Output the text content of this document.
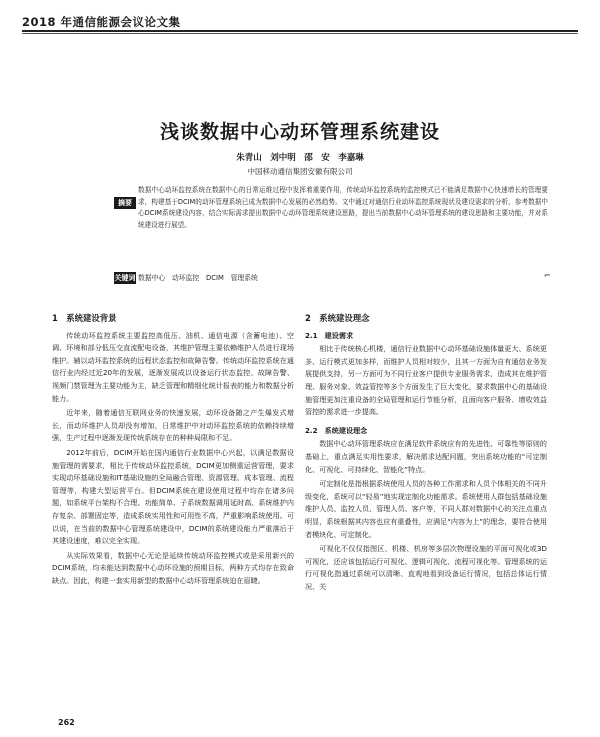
2018 年通信能源会议论文集
浅谈数据中心动环管理系统建设
朱青山　刘中明　邵　安　李嘉琳
中国移动通信集团安徽有限公司
摘要
数据中心动环监控系统在数据中心的日常运维过程中发挥着重要作用，传统动环监控系统的监控模式已不能满足数据中心快速增长的管理要求，构建基于DCIM的动环管理系统已成为数据中心发展的必然趋势。文中通过对通信行业动环监控系统现状及建设需求的分析，参考数据中心DCIM系统建设内容，结合实际需求提出数据中心动环管理系统建设思路，提出当前数据中心动环管理系统的建设思路和主要功能，并对系统建设进行展望。
关键词 数据中心　动环监控　DCIM　管理系统	⌐
1　系统建设背景

传统动环监控系统主要监控高低压、油机、通信电源（含蓄电池）、空调、环境和部分低压交直流配电设备，其维护管理主要依赖维护人员进行现场维护。辅以动环监控系统的远程状态监控和故障告警。传统动环监控系统在通信行业内经过近20年的发展，逐渐发展成以设备运行状态监控、故障告警、视频门禁管理为主要功能为主，缺乏管理和精细化统计报表的能力和数据分析能力。

近年来，随着通信互联网业务的快速发展，动环设备随之产生爆发式增长，而动环维护人员却没有增加，日常维护中对动环监控系统的依赖持续增强，生产过程中逐渐发现传统系统存在的种种局限和不足。

2012年前后，DCIM开始在国内通信行业数据中心兴起，以满足数据设施管理的需要求，相比于传统动环监控系统，DCIM更加侧重运营管理，要求实现动环基础设施和IT基础设施的全局融合管理、资源管理、成本管理、流程管理等，构建大型运营平台。但DCIM系统在建设使用过程中均存在诸多问题，如系统平台架构不合理、功能简单、子系统数据调用延时高、系统维护内存复杂、部署固定等，造成系统实用性和可用性不高，严重影响系统使用。可以说，在当前的数据中心管理系统建设中，DCIM的系统建设能力严重落后于其建设速度，难以完全实现。

从实际效果看，数据中心无论是延续传统动环监控模式或是采用新兴的DCIM系统，均未能达到数据中心动环设施的预期目标，两种方式均存在致命缺点。因此，构建一套实用新型的数据中心动环管理系统迫在眉睫。

2　系统建设理念
2.1　建设需求

相比于传统核心机楼，通信行业数据中心动环基础设施体量更大、系统更多、运行模式更加多样，而维护人员相对较少，且其一方面为自有通信业务发展提供支持，另一方面可为不同行业客户提供专业服务需求，造成其在维护管理、服务对象、效益管控等多个方面发生了巨大变化，要求数据中心的基础设施管理更加注重设备的全局管理和运行节能分析，且面向客户服务、增收效益管控的需求进一步提高。

2.2　系统建设理念

数据中心动环管理系统应在满足软件系统应有的先进性、可靠性等原则的基础上，重点满足实用性要求，解决需求达配问题，突出系统功能的“可定制化、可视化、可持续化、智能化”特点。

可定制化是指根据系统使用人员的各种工作需求和人员个体相关的不同升级变化，系统可以“轻易”地实现定制化功能需求。系统使用人群包括基础设施维护人员、监控人员、管理人员、客户等，不同人群对数据中心的关注点重点明显，系统根据其内容也应有重叠性，应满足“内容为上”的理念，要符合使用者模块化、可定制化。

可视化不仅仅指图区、机楼、机房等多层次物理设施的平面可视化或3D可视化，还应该包括运行可视化、逻辑可视化、流程可视化等。管理系统的运行可视化指通过系统可以清晰、直观地看到设备运行情况，包括总体运行情况、关

262
